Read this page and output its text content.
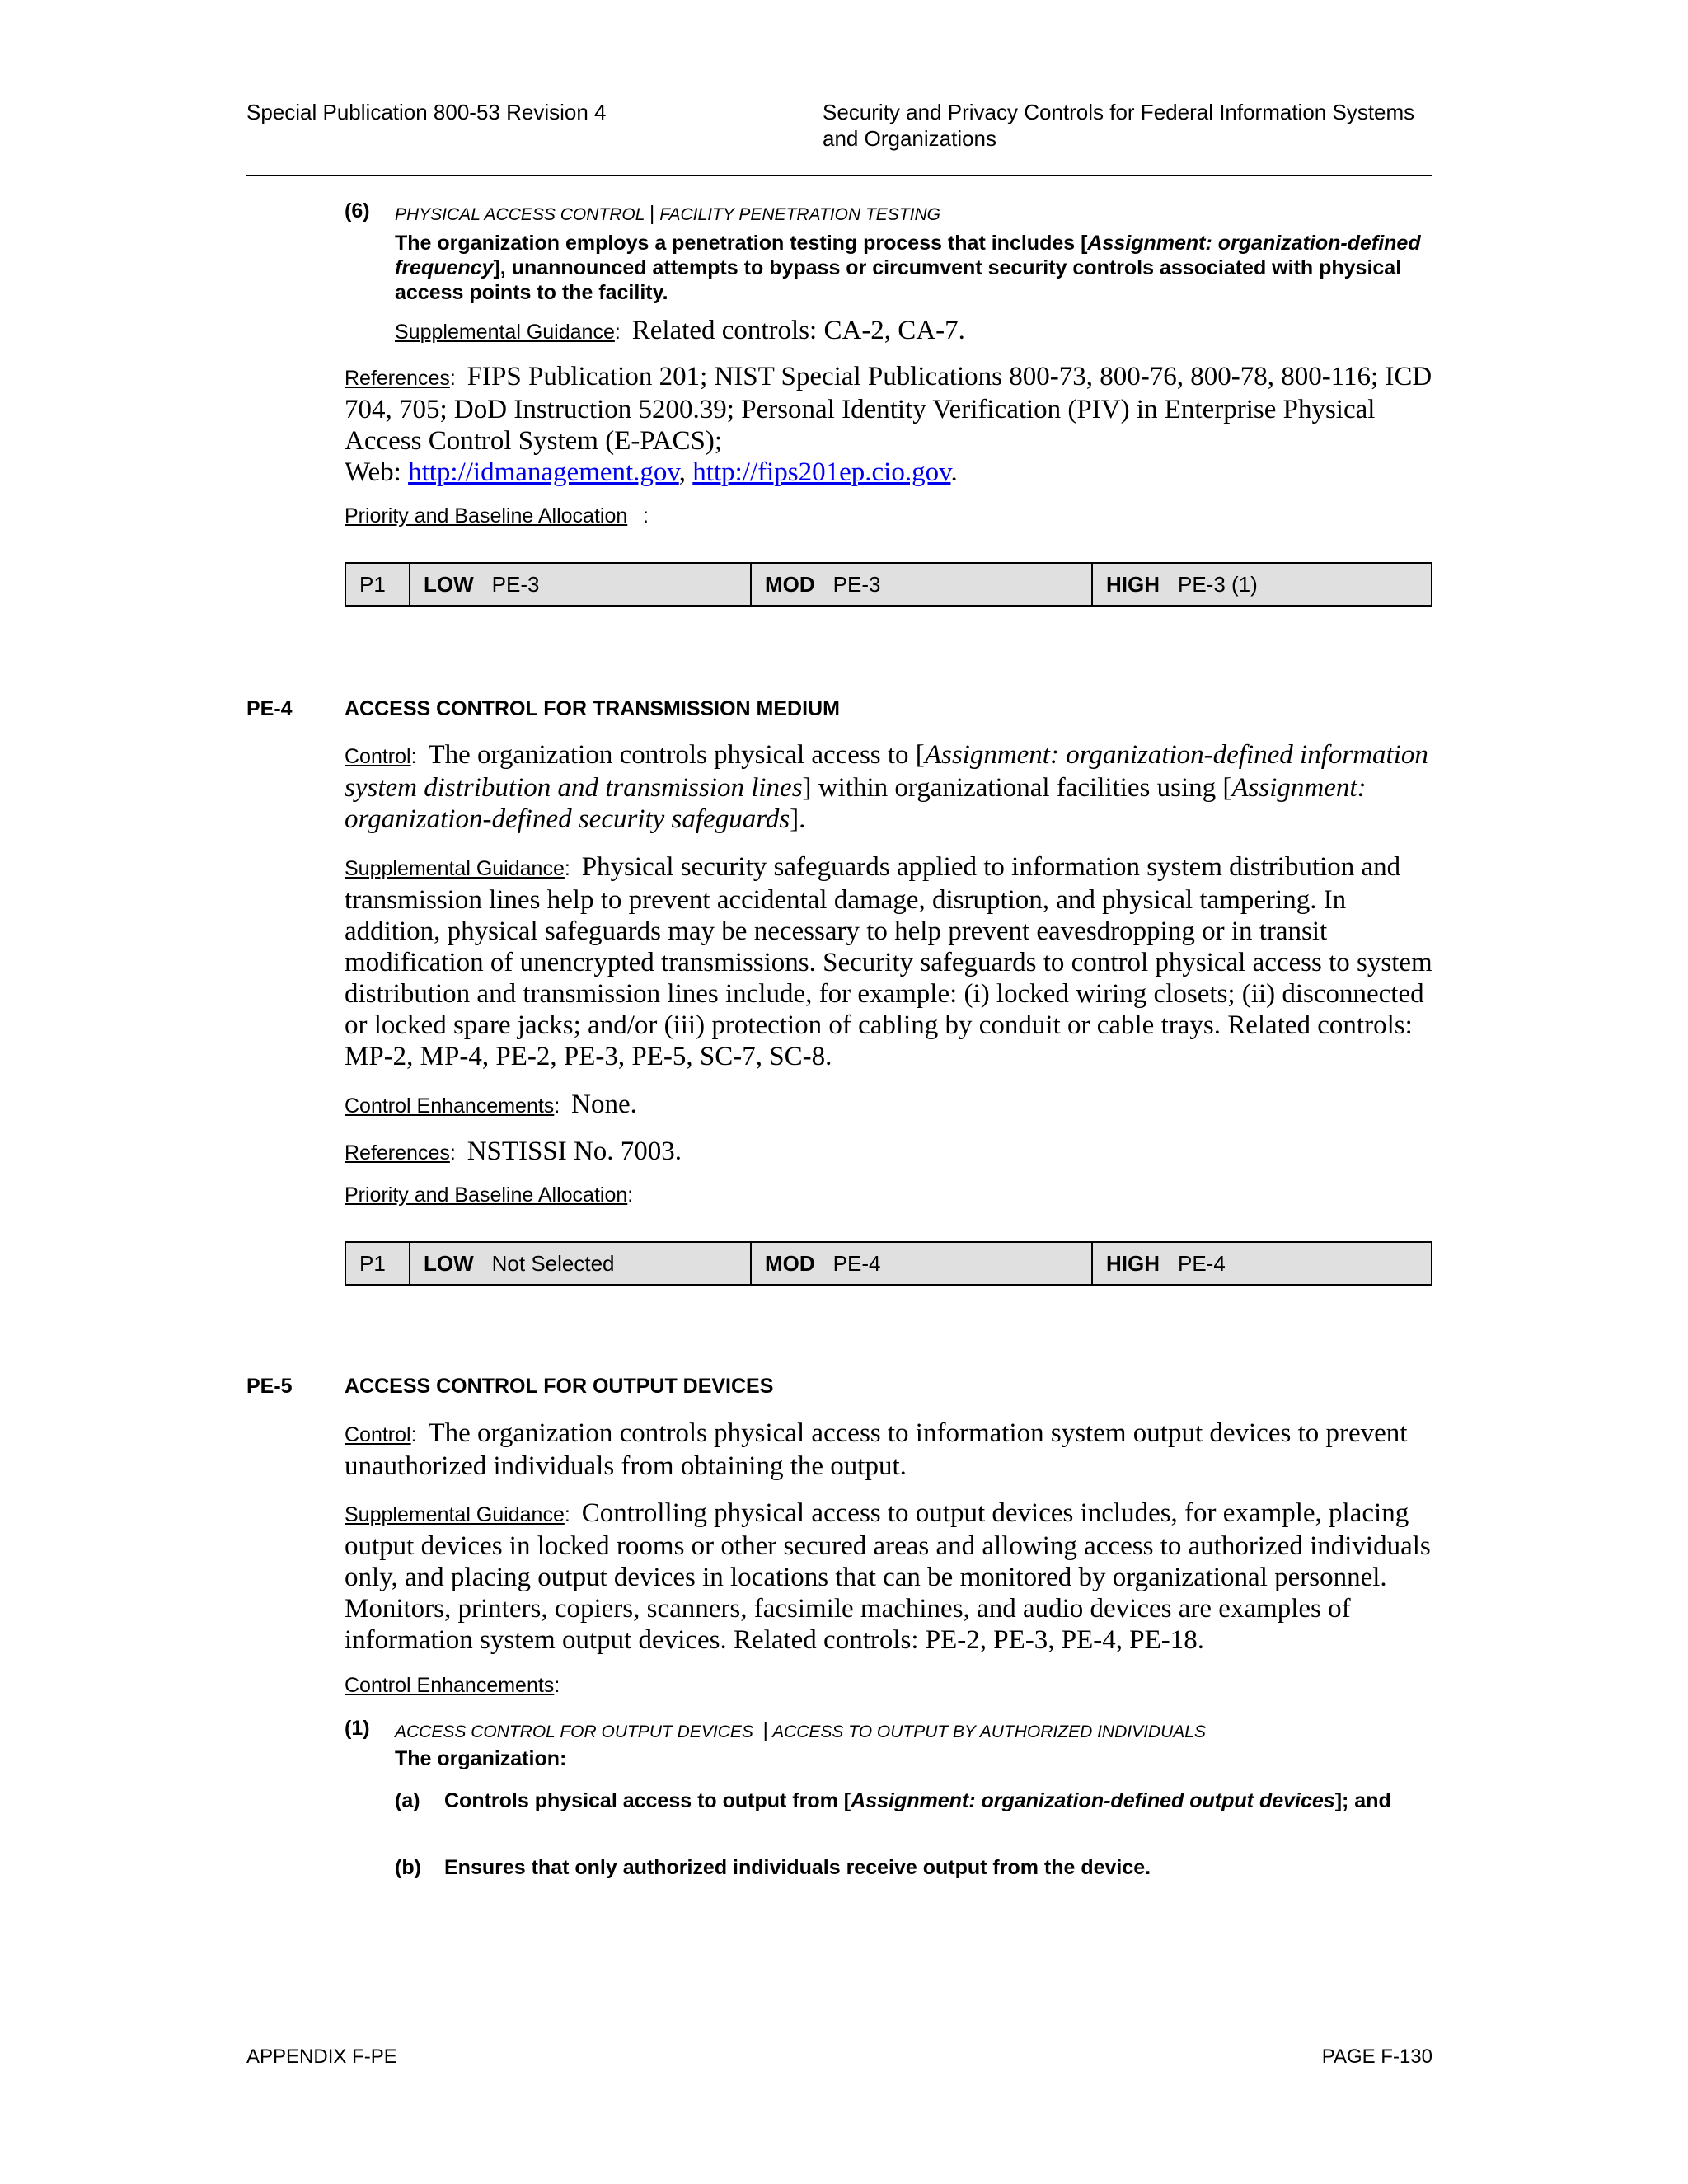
Special Publication 800-53 Revision 4	Security and Privacy Controls for Federal Information Systems
and Organizations
(6) PHYSICAL ACCESS CONTROL | FACILITY PENETRATION TESTING
The organization employs a penetration testing process that includes [Assignment: organization-defined frequency], unannounced attempts to bypass or circumvent security controls associated with physical access points to the facility.
Supplemental Guidance:  Related controls: CA-2, CA-7.
References:  FIPS Publication 201; NIST Special Publications 800-73, 800-76, 800-78, 800-116; ICD 704, 705; DoD Instruction 5200.39; Personal Identity Verification (PIV) in Enterprise Physical Access Control System (E-PACS);
Web: http://idmanagement.gov, http://fips201ep.cio.gov.
Priority and Baseline Allocation :
P1	LOW PE-3	MOD PE-3	HIGH PE-3 (1)
PE-4	ACCESS CONTROL FOR TRANSMISSION MEDIUM
Control:  The organization controls physical access to [Assignment: organization-defined information system distribution and transmission lines] within organizational facilities using [Assignment: organization-defined security safeguards].
Supplemental Guidance:  Physical security safeguards applied to information system distribution and transmission lines help to prevent accidental damage, disruption, and physical tampering. In addition, physical safeguards may be necessary to help prevent eavesdropping or in transit modification of unencrypted transmissions. Security safeguards to control physical access to system distribution and transmission lines include, for example: (i) locked wiring closets; (ii) disconnected or locked spare jacks; and/or (iii) protection of cabling by conduit or cable trays. Related controls: MP-2, MP-4, PE-2, PE-3, PE-5, SC-7, SC-8.
Control Enhancements:  None.
References:  NSTISSI No. 7003.
Priority and Baseline Allocation:
P1	LOW Not Selected	MOD PE-4	HIGH PE-4
PE-5	ACCESS CONTROL FOR OUTPUT DEVICES
Control:  The organization controls physical access to information system output devices to prevent unauthorized individuals from obtaining the output.
Supplemental Guidance:  Controlling physical access to output devices includes, for example, placing output devices in locked rooms or other secured areas and allowing access to authorized individuals only, and placing output devices in locations that can be monitored by organizational personnel. Monitors, printers, copiers, scanners, facsimile machines, and audio devices are examples of information system output devices. Related controls: PE-2, PE-3, PE-4, PE-18.
Control Enhancements:
(1) ACCESS CONTROL FOR OUTPUT DEVICES | ACCESS TO OUTPUT BY AUTHORIZED INDIVIDUALS
The organization:
(a) Controls physical access to output from [Assignment: organization-defined output devices]; and
(b) Ensures that only authorized individuals receive output from the device.
APPENDIX F-PE	PAGE F-130
